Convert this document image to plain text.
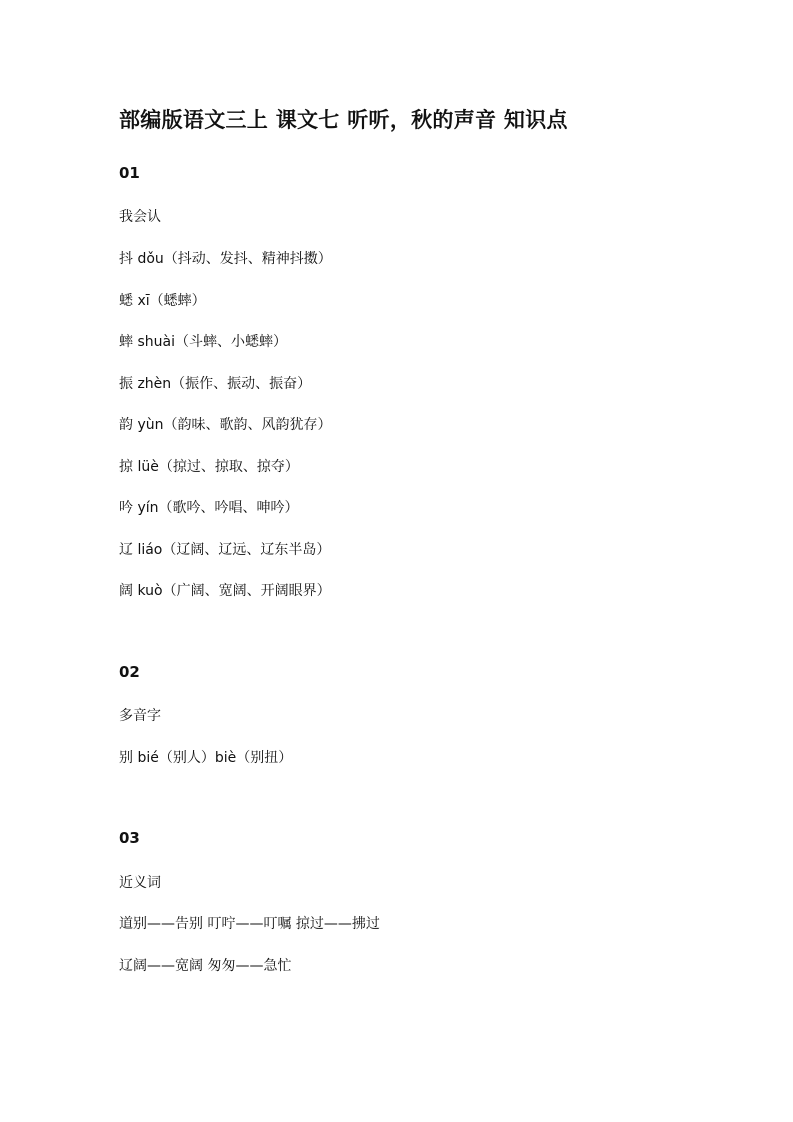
部编版语文三上 课文七 听听，秋的声音 知识点
01
我会认
抖 dǒu（抖动、发抖、精神抖擞）
蟋 xī（蟋蟀）
蟀 shuài（斗蟀、小蟋蟀）
振 zhèn（振作、振动、振奋）
韵 yùn（韵味、歌韵、风韵犹存）
掠 lüè（掠过、掠取、掠夺）
吟 yín（歌吟、吟唱、呻吟）
辽 liáo（辽阔、辽远、辽东半岛）
阔 kuò（广阔、宽阔、开阔眼界）
02
多音字
别 bié（别人）biè（别扭）
03
近义词
道别——告别 叮咛——叮嘱 掠过——拂过
辽阔——宽阔 匆匆——急忙
